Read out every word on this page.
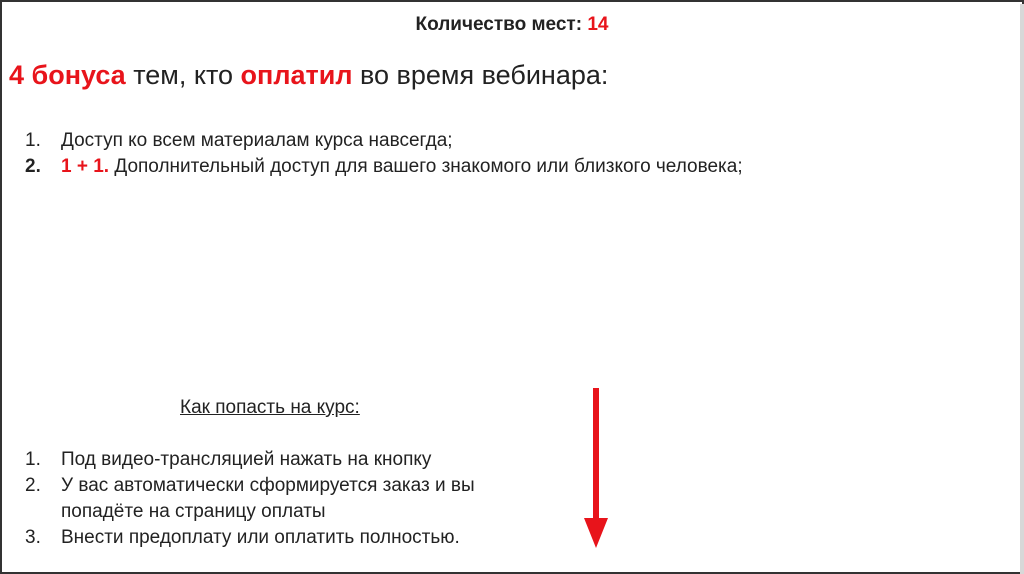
Количество мест: 14
4 бонуса тем, кто оплатил во время вебинара:
1. Доступ ко всем материалам курса навсегда;
2. 1 + 1. Дополнительный доступ для вашего знакомого или близкого человека;
Как попасть на курс:
1. Под видео-трансляцией нажать на кнопку
2. У вас автоматически сформируется заказ и вы
попадёте на страницу оплаты
3. Внести предоплату или оплатить полностью.
